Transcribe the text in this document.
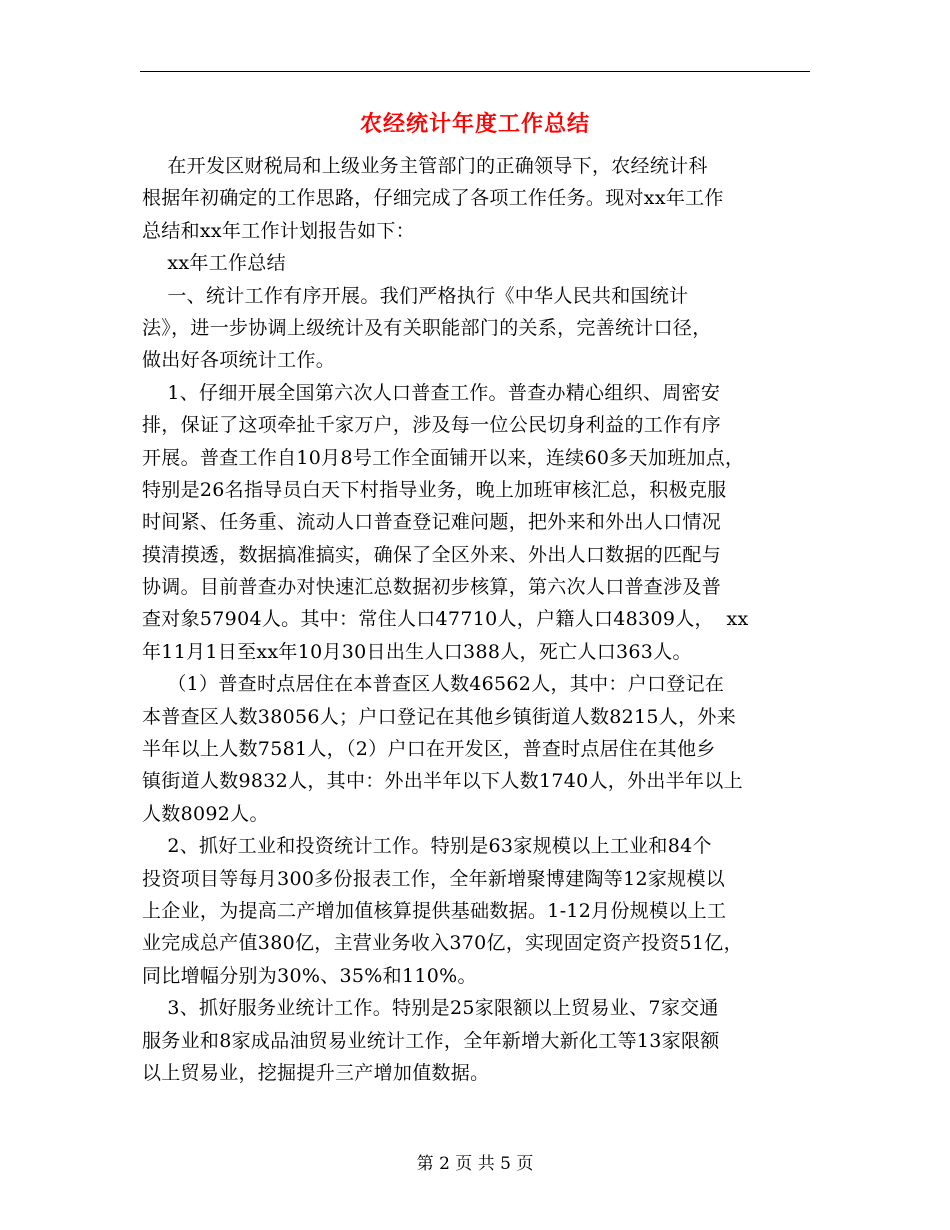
农经统计年度工作总结
在开发区财税局和上级业务主管部门的正确领导下，农经统计科
根据年初确定的工作思路，仔细完成了各项工作任务。现对xx年工作
总结和xx年工作计划报告如下：
xx年工作总结
一、统计工作有序开展。我们严格执行《中华人民共和国统计
法》，进一步协调上级统计及有关职能部门的关系，完善统计口径，
做出好各项统计工作。
1、仔细开展全国第六次人口普查工作。普查办精心组织、周密安
排，保证了这项牵扯千家万户，涉及每一位公民切身利益的工作有序
开展。普查工作自10月8号工作全面铺开以来，连续60多天加班加点，
特别是26名指导员白天下村指导业务，晚上加班审核汇总，积极克服
时间紧、任务重、流动人口普查登记难问题，把外来和外出人口情况
摸清摸透，数据搞准搞实，确保了全区外来、外出人口数据的匹配与
协调。目前普查办对快速汇总数据初步核算，第六次人口普查涉及普
查对象57904人。其中：常住人口47710人，户籍人口48309人，  xx
年11月1日至xx年10月30日出生人口388人，死亡人口363人。
（1）普查时点居住在本普查区人数46562人，其中：户口登记在
本普查区人数38056人；户口登记在其他乡镇街道人数8215人，外来
半年以上人数7581人，（2）户口在开发区，普查时点居住在其他乡
镇街道人数9832人，其中：外出半年以下人数1740人，外出半年以上
人数8092人。
2、抓好工业和投资统计工作。特别是63家规模以上工业和84个
投资项目等每月300多份报表工作，全年新增聚博建陶等12家规模以
上企业，为提高二产增加值核算提供基础数据。1-12月份规模以上工
业完成总产值380亿，主营业务收入370亿，实现固定资产投资51亿，
同比增幅分别为30%、35%和110%。
3、抓好服务业统计工作。特别是25家限额以上贸易业、7家交通
服务业和8家成品油贸易业统计工作，全年新增大新化工等13家限额
以上贸易业，挖掘提升三产增加值数据。
第 2 页 共 5 页
